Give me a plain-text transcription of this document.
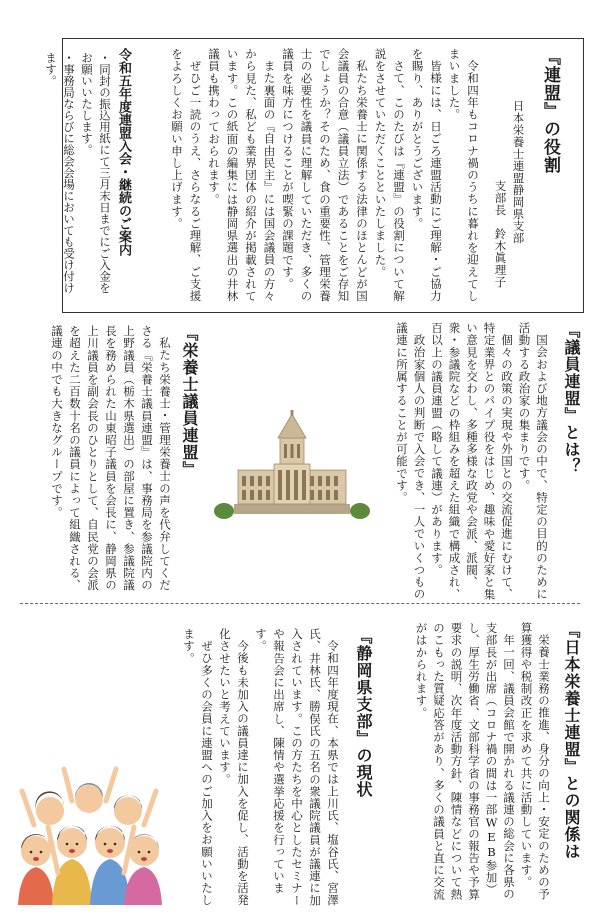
『連盟』の役割
日本栄養士連盟静岡県支部
支部長　鈴木眞理子

令和四年もコロナ禍のうちに暮れを迎えてしまいました。

皆様には、日ごろ連盟活動にご理解・ご協力を賜り、ありがとうございます。

さて、このたびは『連盟』の役割について解説をさせていただくことといたしました。

私たち栄養士に関係する法律のほとんどが国会議員の合意（議員立法）であることをご存知でしょうか？そのため、食の重要性、管理栄養士の必要性を議員に理解していただき、多くの議員を味方につけることが喫緊の課題です。

また裏面の『自由民主』には国会議員の方々から見た、私ども業界団体の紹介が掲載されています。この紙面の編集には静岡県選出の井林議員も携わっておられます。

ぜひご一読のうえ、さらなるご理解、ご支援をよろしくお願い申し上げます。

令和五年度連盟入会・継続のご案内

・同封の振込用紙にて三月末日までにご入金をお願いいたします。

・事務局ならびに総会会場においても受け付けます。

『議員連盟』とは？

国会および地方議会の中で、特定の目的のために活動する政治家の集まりです。

個々の政策の実現や外国との交流促進にむけて、特定業界とのパイプ役をはじめ、趣味や愛好家と集い意見を交わし、多種多様な政党や会派、派閥、衆・参議院などの枠組みを超えた組織で構成され、百以上の議員連盟（略して議連）があります。

政治家個人の判断で入会でき、一人でいくつもの議連に所属することが可能です。

『栄養士議員連盟』

私たち栄養士・管理栄養士の声を代弁してくださる『栄養士議員連盟』は、事務局を参議院内の上野議員（栃木県選出）の部屋に置き、参議院議長を務められた山東昭子議員を会長に、静岡県の上川議員を副会長のひとりとして、自民党の会派を超えた二百数十名の議員によって組織される、議連の中でも大きなグループです。

『日本栄養士連盟』との関係は

栄養士業務の推進、身分の向上・安定のための予算獲得や税制改正を求めて共に活動しています。

年一回、議員会館で開かれる議連の総会に各県の支部長が出席（コロナ禍の間は一部WEB参加）し、厚生労働省、文部科学省の事務官の報告や予算要求の説明、次年度活動方針、陳情などについて熱のこもった質疑応答があり、多くの議員と直に交流がはかられます。

『静岡県支部』の現状

令和四年度現在、本県では上川氏、塩谷氏、宮澤氏、井林氏、勝俣氏の五名の衆議院議員が議連に加入されています。この方たちを中心としたセミナーや報告会に出席し、陳情や選挙応援を行っています。

今後も未加入の議員達に加入を促し、活動を活発化させたいと考えています。

ぜひ多くの会員に連盟へのご加入をお願いいたします。
